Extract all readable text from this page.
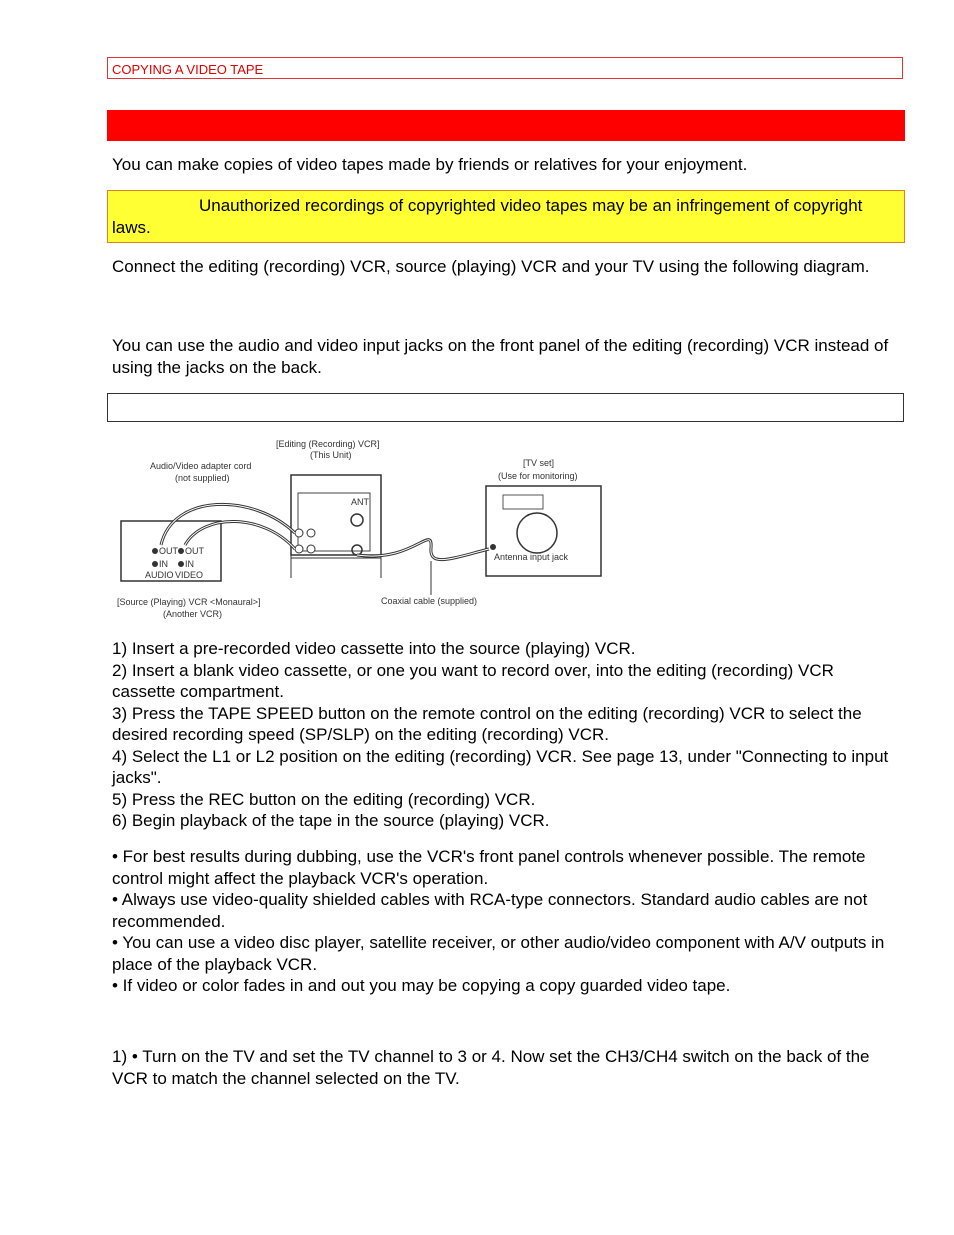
COPYING A VIDEO TAPE

You can make copies of video tapes made by friends or relatives for your enjoyment.

Unauthorized recordings of copyrighted video tapes may be an infringement of copyright laws.

Connect the editing (recording) VCR, source (playing) VCR and your TV using the following diagram.

You can use the audio and video input jacks on the front panel of the editing (recording) VCR instead of using the jacks on the back.

[Editing (Recording) VCR]
(This Unit)
Audio/Video adapter cord
(not supplied)
[TV set]
(Use for monitoring)
Antenna input jack
OUT OUT
IN IN
AUDIO VIDEO
ANT
Coaxial cable (supplied)
[Source (Playing) VCR <Monaural>]
(Another VCR)
1) Insert a pre-recorded video cassette into the source (playing) VCR.
2) Insert a blank video cassette, or one you want to record over, into the editing (recording) VCR cassette compartment.
3) Press the TAPE SPEED button on the remote control on the editing (recording) VCR to select the desired recording speed (SP/SLP) on the editing (recording) VCR.
4) Select the L1 or L2 position on the editing (recording) VCR. See page 13, under "Connecting to input jacks".
5) Press the REC button on the editing (recording) VCR.
6) Begin playback of the tape in the source (playing) VCR.
• For best results during dubbing, use the VCR's front panel controls whenever possible. The remote control might affect the playback VCR's operation.
• Always use video-quality shielded cables with RCA-type connectors. Standard audio cables are not recommended.
• You can use a video disc player, satellite receiver, or other audio/video component with A/V outputs in place of the playback VCR.
• If video or color fades in and out you may be copying a copy guarded video tape.

1) • Turn on the TV and set the TV channel to 3 or 4. Now set the CH3/CH4 switch on the back of the VCR to match the channel selected on the TV.
